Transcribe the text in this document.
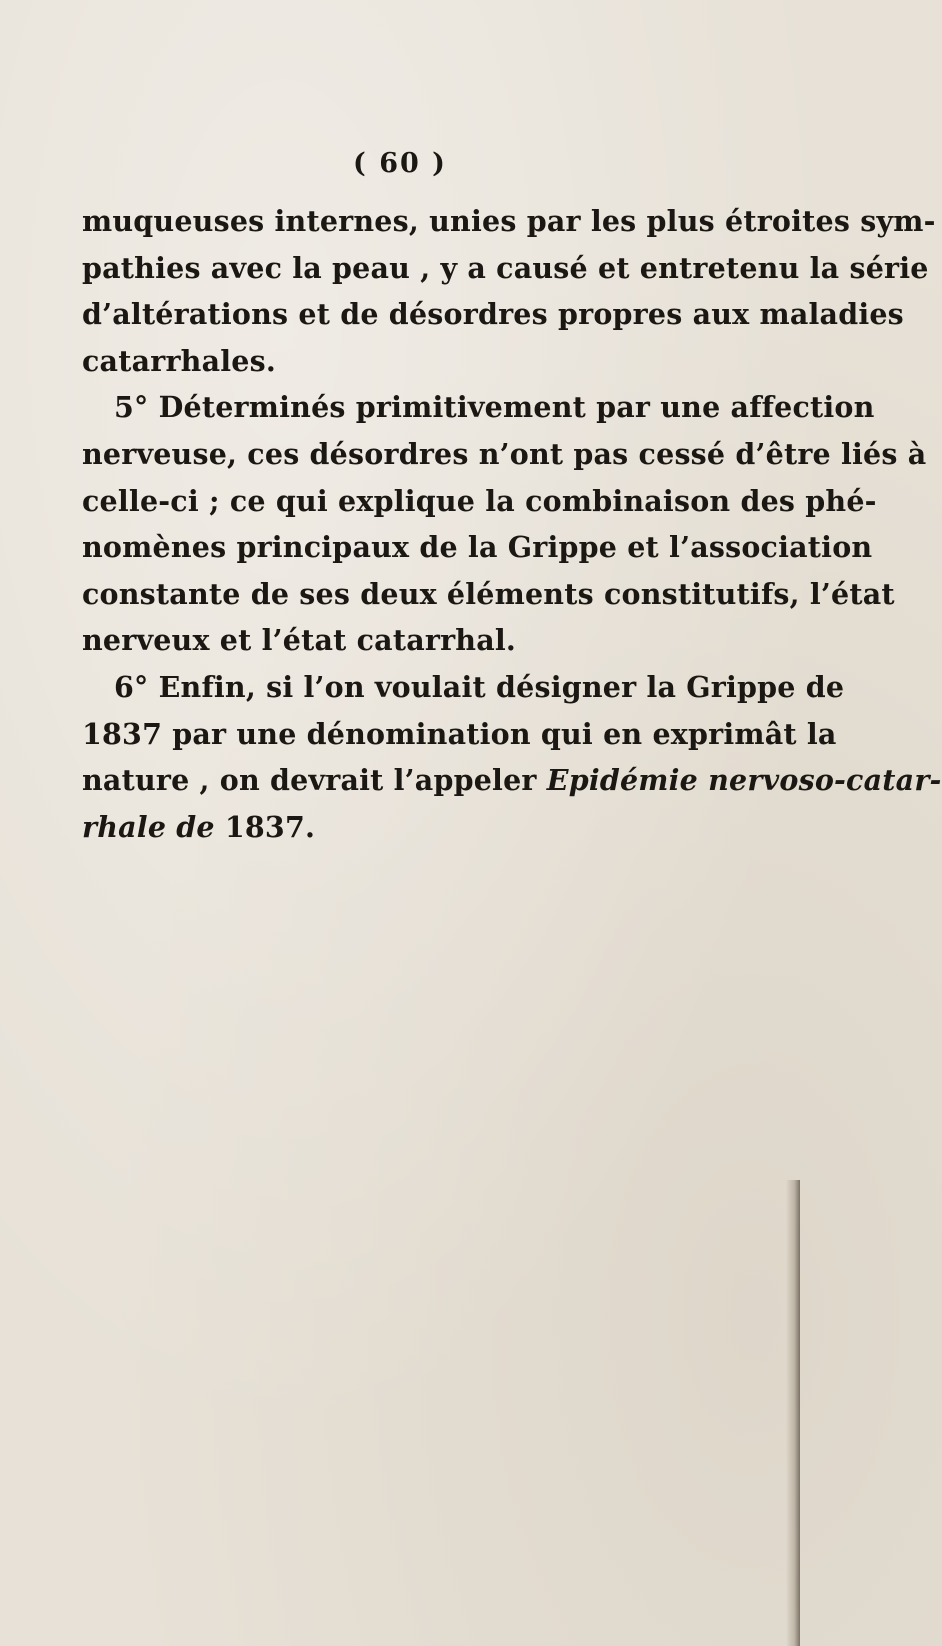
( 60 )
muqueuses internes, unies par les plus étroites sym-
pathies avec la peau , y a causé et entretenu la série
d’altérations et de désordres propres aux maladies
catarrhales.
5° Déterminés primitivement par une affection
nerveuse, ces désordres n’ont pas cessé d’être liés à
celle-ci ; ce qui explique la combinaison des phé-
nomènes principaux de la Grippe et l’association
constante de ses deux éléments constitutifs, l’état
nerveux et l’état catarrhal.
6° Enfin, si l’on voulait désigner la Grippe de
1837 par une dénomination qui en exprimât la
nature , on devrait l’appeler Epidémie nervoso-catar-
rhale de 1837.
